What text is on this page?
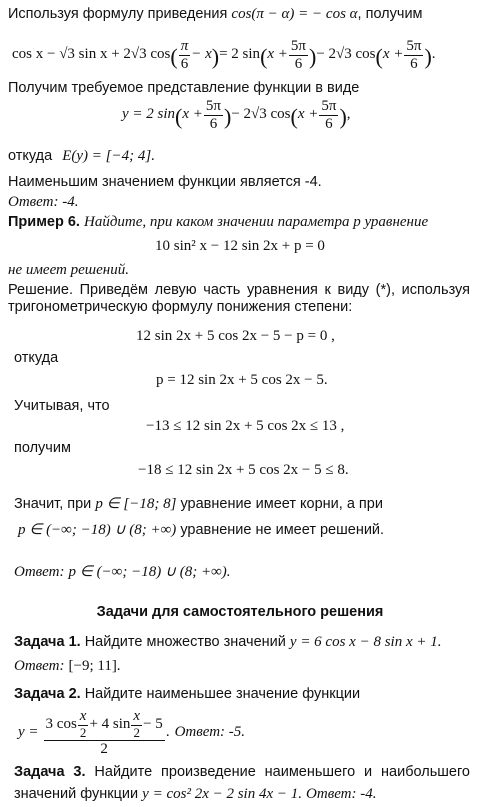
Используя формулу приведения cos(π − α) = − cos α, получим
cos x − √3 sin x + 2√3 cos ( $\frac{\pi}{6} - x$ ) = 2 sin ( $x + \frac{5\pi}{6}$ ) − 2√3 cos ( $x + \frac{5\pi}{6}$ ) .
Получим требуемое представление функции в виде
y = 2 sin ( $x + \frac{5\pi}{6}$ ) − 2√3 cos ( $x + \frac{5\pi}{6}$ ) ,
откуда E(y) = [−4; 4].
Наименьшим значением функции является -4.
Ответ: -4.
Пример 6. Найдите, при каком значении параметра p уравнение
10 sin² x − 12 sin 2x + p = 0
не имеет решений.
Решение. Приведём левую часть уравнения к виду (*), используя тригонометрическую формулу понижения степени:
12 sin 2x + 5 cos 2x − 5 − p = 0 ,
откуда
p = 12 sin 2x + 5 cos 2x − 5.
Учитывая, что
−13 ≤ 12 sin 2x + 5 cos 2x ≤ 13 ,
получим
−18 ≤ 12 sin 2x + 5 cos 2x − 5 ≤ 8.
Значит, при p ∈ [−18; 8] уравнение имеет корни, а при
p ∈ (−∞; −18) ∪ (8; +∞) уравнение не имеет решений.
Ответ: p ∈ (−∞; −18) ∪ (8; +∞).
Задачи для самостоятельного решения
Задача 1. Найдите множество значений y = 6 cos x − 8 sin x + 1.
Ответ: [−9; 11].
Задача 2. Найдите наименьшее значение функции
$y = \frac{3 \cos \frac{x}{2} + 4 \sin \frac{x}{2} - 5}{2}$ . Ответ: -5.
Задача 3. Найдите произведение наименьшего и наибольшего
значений функции y = cos² 2x − 2 sin 4x − 1. Ответ: -4.
